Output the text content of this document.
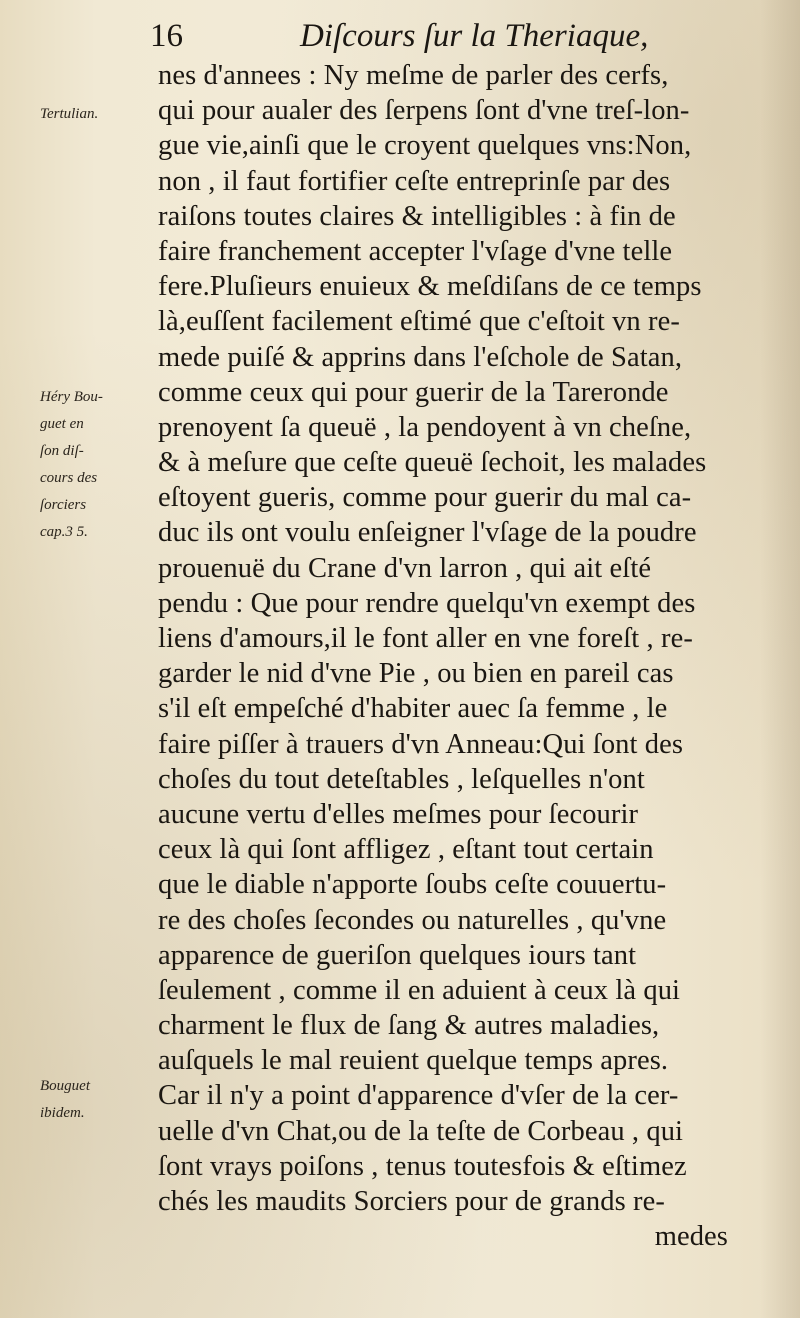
16	Diſcours ſur la Theriaque,
nes d'annees : Ny meſme de parler des cerfs,
qui pour aualer des ſerpens ſont d'vne treſ-lon-
gue vie,ainſi que le croyent quelques vns:Non,
non , il faut fortifier ceſte entreprinſe par des
raiſons toutes claires & intelligibles : à fin de
faire franchement accepter l'vſage d'vne telle
fere.Pluſieurs enuieux & meſdiſans de ce temps
là,euſſent facilement eſtimé que c'eſtoit vn re-
mede puiſé & apprins dans l'eſchole de Satan,
comme ceux qui pour guerir de la Tareronde
prenoyent ſa queuë , la pendoyent à vn cheſne,
& à meſure que ceſte queuë ſechoit, les malades
eſtoyent gueris, comme pour guerir du mal ca-
duc ils ont voulu enſeigner l'vſage de la poudre
prouenuë du Crane d'vn larron , qui ait eſté
pendu : Que pour rendre quelqu'vn exempt des
liens d'amours,il le font aller en vne foreſt , re-
garder le nid d'vne Pie , ou bien en pareil cas
s'il eſt empeſché d'habiter auec ſa femme , le
faire piſſer à trauers d'vn Anneau:Qui ſont des
choſes du tout deteſtables , leſquelles n'ont
aucune vertu d'elles meſmes pour ſecourir
ceux là qui ſont affligez , eſtant tout certain
que le diable n'apporte ſoubs ceſte couuertu-
re des choſes ſecondes ou naturelles , qu'vne
apparence de gueriſon quelques iours tant
ſeulement , comme il en aduient à ceux là qui
charment le flux de ſang & autres maladies,
auſquels le mal reuient quelque temps apres.
Car il n'y a point d'apparence d'vſer de la cer-
uelle d'vn Chat,ou de la teſte de Corbeau , qui
ſont vrays poiſons , tenus toutesfois & eſtimez
chés les maudits Sorciers pour de grands re-
medes
Tertulian.
Héry Bou-
guet en
ſon diſ-
cours des
ſorciers
cap.3 5.
Bouguet
ibidem.
